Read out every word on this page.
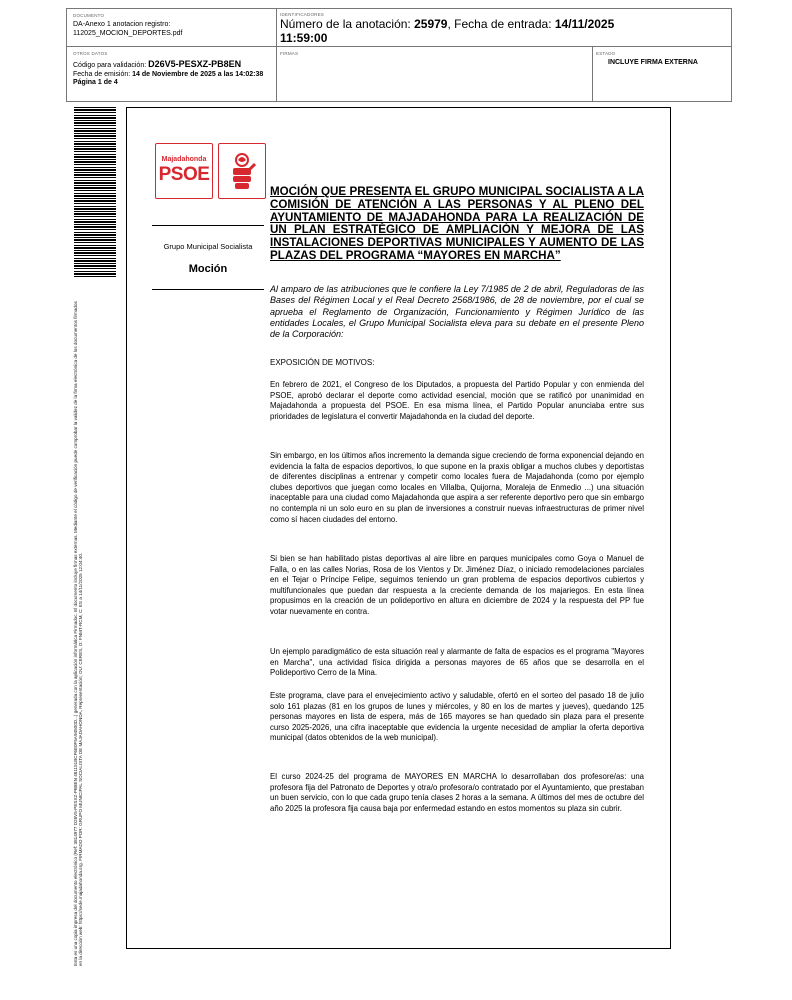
DOCUMENTO
DA-Anexo 1 anotacion registro: 112025_MOCION_DEPORTES.pdf
IDENTIFICADORES
Número de la anotación: 25979, Fecha de entrada: 14/11/2025 11:59:00
OTROS DATOS
Código para validación: D26V5-PESXZ-PB8EN
Fecha de emisión: 14 de Noviembre de 2025 a las 14:02:38
Página 1 de 4
FIRMAS	ESTADO
INCLUYE FIRMA EXTERNA
Esta es una copia impresa del documento electrónico (Ref: 3814977 D26V5-PESXZ-PB8EN 481151BCF6E0F5A94500D...) generada con la aplicación informática Firmadoc. El documento incluye firmas externas. Mediante el código de verificación puede comprobar la validez de la firma electrónica de los documentos firmados en la dirección web: https://sede.majadahonda.org. FIRMADO POR: GRUPO MUNICIPAL SOCIALISTA DE MAJADAHONDA, Representación; OU: CERES, O: FNMT-RCM, C: ES a 14/11/2025 12:04:40.
Majadahonda
PSOE
Grupo Municipal Socialista
Moción
MOCIÓN QUE PRESENTA EL GRUPO MUNICIPAL SOCIALISTA A LA COMISIÓN DE ATENCIÓN A LAS PERSONAS Y AL PLENO DEL AYUNTAMIENTO DE MAJADAHONDA PARA LA REALIZACIÓN DE UN PLAN ESTRATÉGICO DE AMPLIACIÓN Y MEJORA DE LAS INSTALACIONES DEPORTIVAS MUNICIPALES Y AUMENTO DE LAS PLAZAS DEL PROGRAMA “MAYORES EN MARCHA”
Al amparo de las atribuciones que le confiere la Ley 7/1985 de 2 de abril, Reguladoras de las Bases del Régimen Local y el Real Decreto 2568/1986, de 28 de noviembre, por el cual se aprueba el Reglamento de Organización, Funcionamiento y Régimen Jurídico de las entidades Locales, el Grupo Municipal Socialista eleva para su debate en el presente Pleno de la Corporación:
EXPOSICIÓN DE MOTIVOS:
En febrero de 2021, el Congreso de los Diputados, a propuesta del Partido Popular y con enmienda del PSOE, aprobó declarar el deporte como actividad esencial, moción que se ratificó por unanimidad en Majadahonda a propuesta del PSOE. En esa misma línea, el Partido Popular anunciaba entre sus prioridades de legislatura el convertir Majadahonda en la ciudad del deporte.
Sin embargo, en los últimos años incremento la demanda sigue creciendo de forma exponencial dejando en evidencia la falta de espacios deportivos, lo que supone en la praxis obligar a muchos clubes y deportistas de diferentes disciplinas a entrenar y competir como locales fuera de Majadahonda (como por ejemplo clubes deportivos que juegan como locales en Villalba, Quijorna, Moraleja de Enmedio ...) una situación inaceptable para una ciudad como Majadahonda que aspira a ser referente deportivo pero que sin embargo no contempla ni un solo euro en su plan de inversiones a construir nuevas infraestructuras de primer nivel como sí hacen ciudades del entorno.
Si bien se han habilitado pistas deportivas al aire libre en parques municipales como Goya o Manuel de Falla, o en las calles Norias, Rosa de los Vientos y Dr. Jiménez Díaz, o iniciado remodelaciones parciales en el Tejar o Príncipe Felipe, seguimos teniendo un gran problema de espacios deportivos cubiertos y multifuncionales que puedan dar respuesta a la creciente demanda de los majariegos. En esta línea propusimos en la creación de un polideportivo en altura en diciembre de 2024 y la respuesta del PP fue votar nuevamente en contra.
Un ejemplo paradigmático de esta situación real y alarmante de falta de espacios es el programa "Mayores en Marcha", una actividad física dirigida a personas mayores de 65 años que se desarrolla en el Polideportivo Cerro de la Mina.
Este programa, clave para el envejecimiento activo y saludable, ofertó en el sorteo del pasado 18 de julio solo 161 plazas (81 en los grupos de lunes y miércoles, y 80 en los de martes y jueves), quedando 125 personas mayores en lista de espera, más de 165 mayores se han quedado sin plaza para el presente curso 2025-2026, una cifra inaceptable que evidencia la urgente necesidad de ampliar la oferta deportiva municipal (datos obtenidos de la web municipal).
El curso 2024-25 del programa de MAYORES EN MARCHA lo desarrollaban dos profesore/as: una profesora fija del Patronato de Deportes y otra/o profesora/o contratado por el Ayuntamiento, que prestaban un buen servicio, con lo que cada grupo tenía clases 2 horas a la semana. A últimos del mes de octubre del año 2025 la profesora fija causa baja por enfermedad estando en estos momentos su plaza sin cubrir.
